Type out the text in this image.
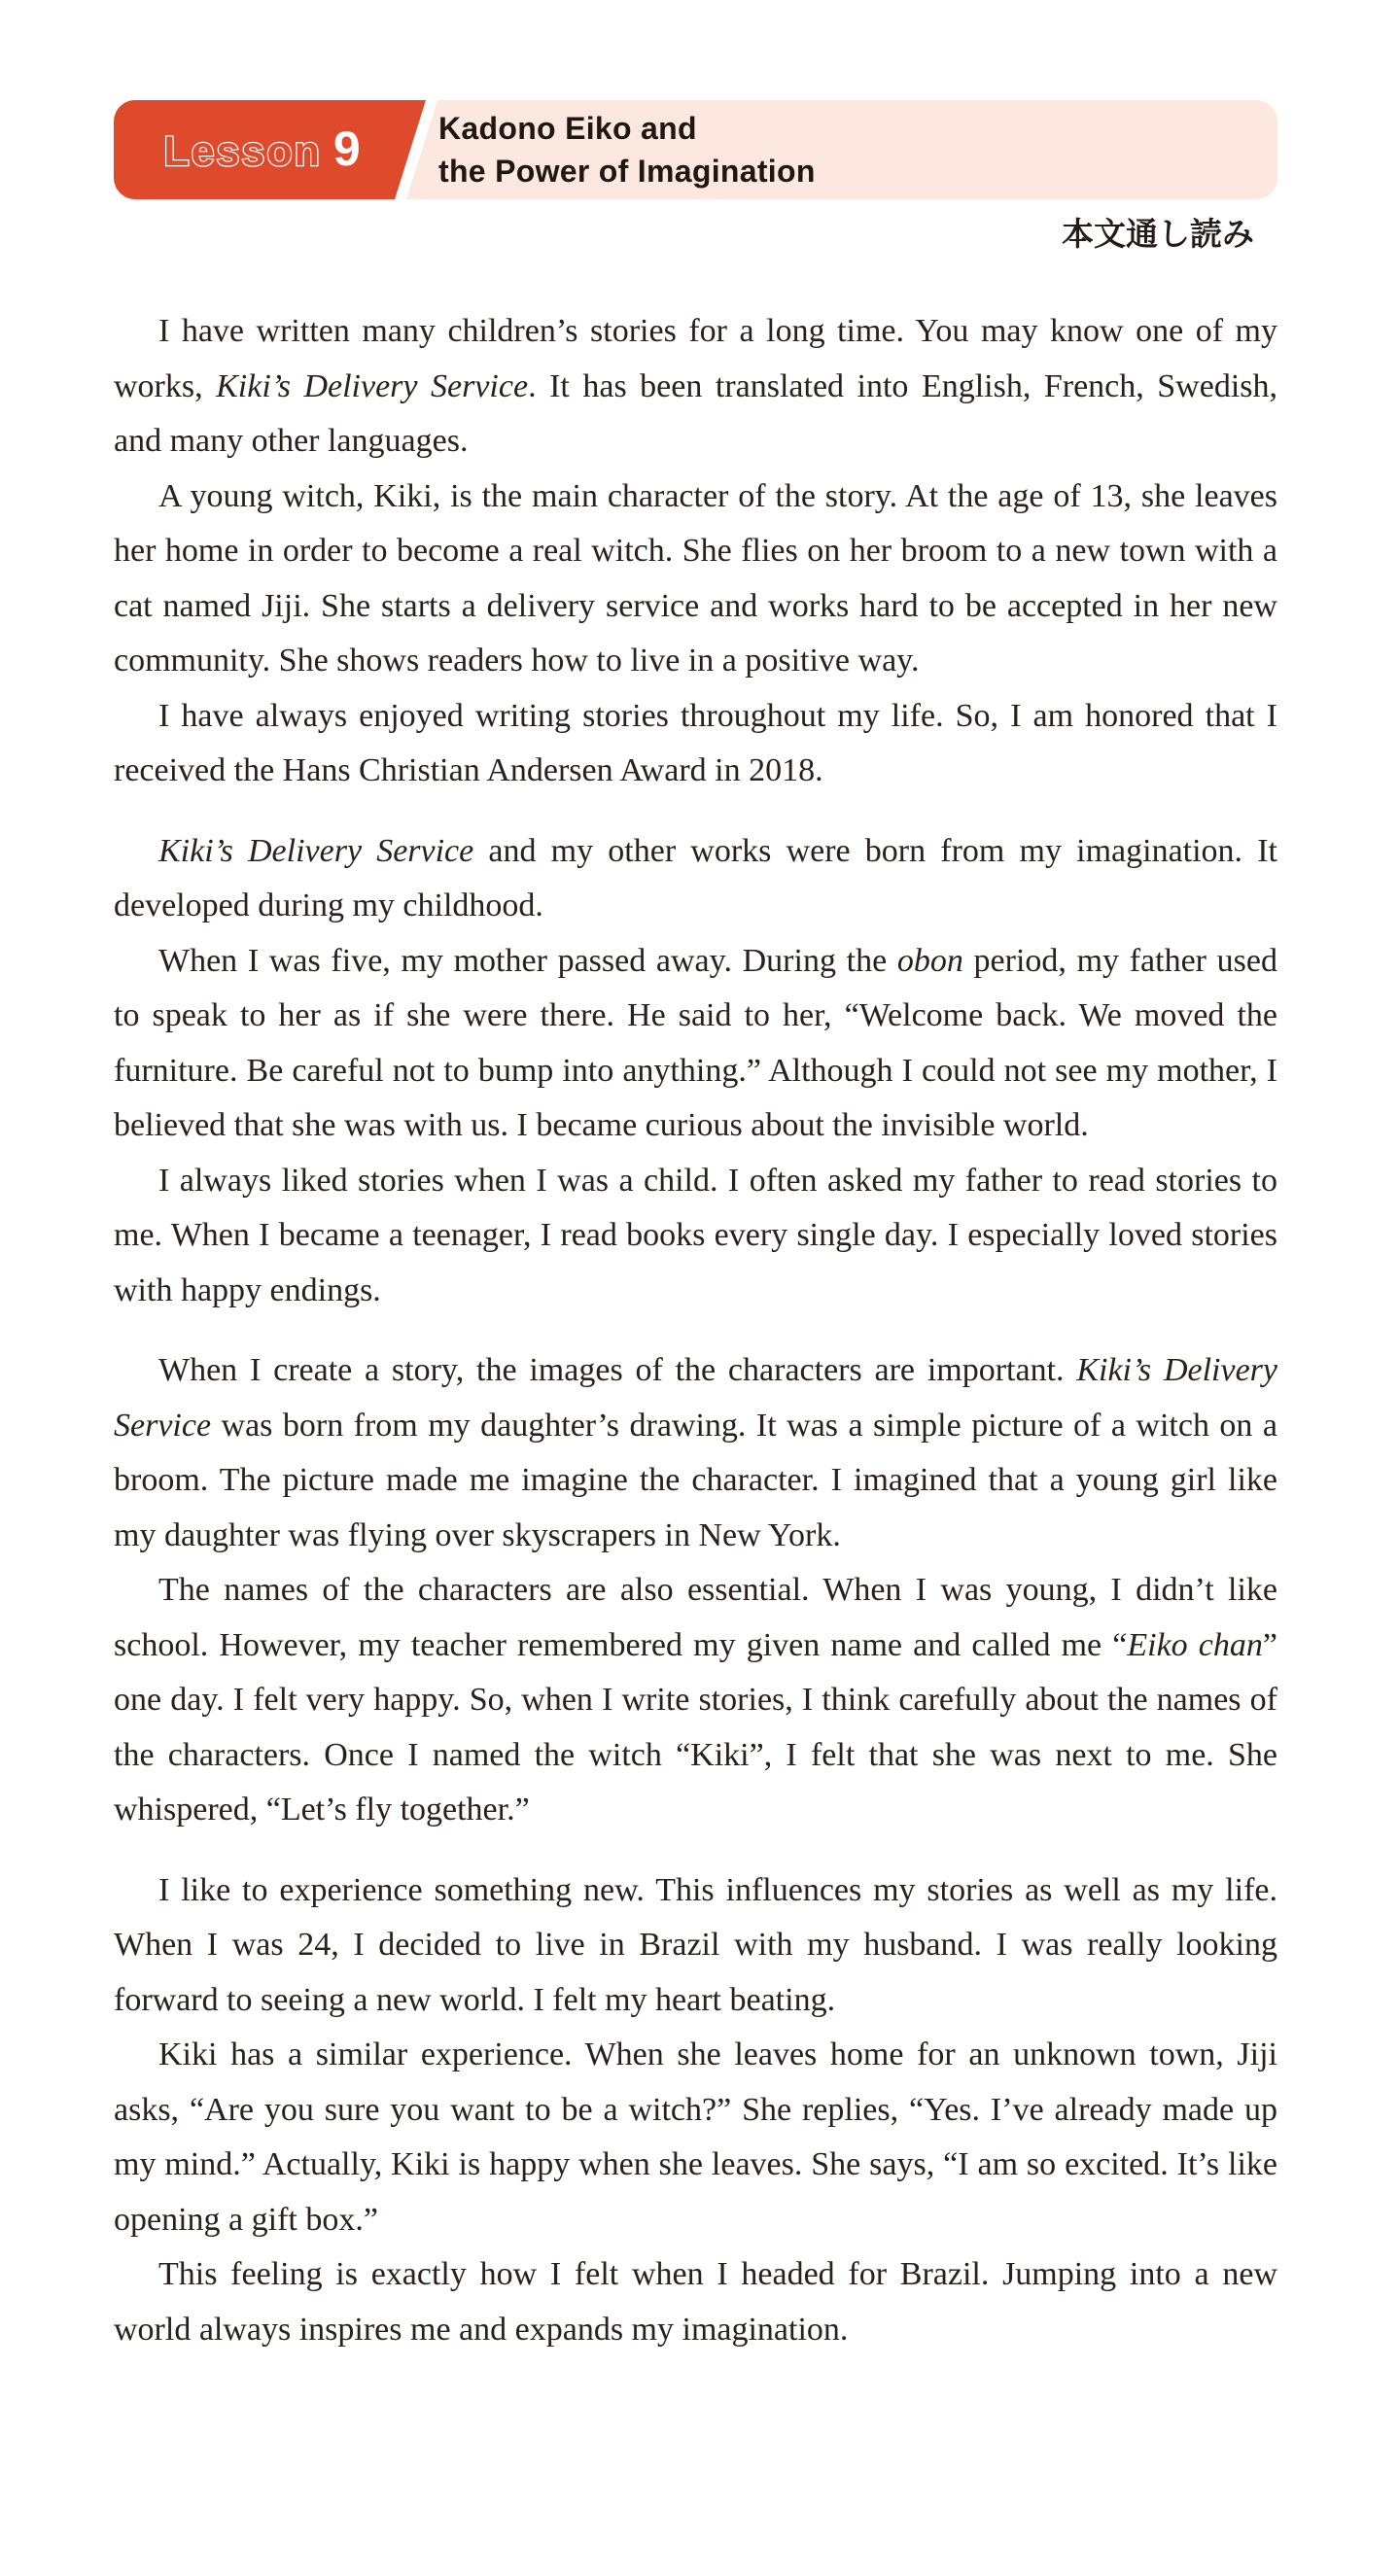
Lesson 9	Kadono Eiko and
the Power of Imagination
本文通し読み

I have written many children’s stories for a long time. You may know one of my works, Kiki’s Delivery Service. It has been translated into English, French, Swedish, and many other languages.

A young witch, Kiki, is the main character of the story. At the age of 13, she leaves her home in order to become a real witch. She flies on her broom to a new town with a cat named Jiji. She starts a delivery service and works hard to be accepted in her new community. She shows readers how to live in a positive way.

I have always enjoyed writing stories throughout my life. So, I am honored that I received the Hans Christian Andersen Award in 2018.

Kiki’s Delivery Service and my other works were born from my imagination. It developed during my childhood.

When I was five, my mother passed away. During the obon period, my father used to speak to her as if she were there. He said to her, “Welcome back. We moved the furniture. Be careful not to bump into anything.” Although I could not see my mother, I believed that she was with us. I became curious about the invisible world.

I always liked stories when I was a child. I often asked my father to read stories to me. When I became a teenager, I read books every single day. I especially loved stories with happy endings.

When I create a story, the images of the characters are important. Kiki’s Delivery Service was born from my daughter’s drawing. It was a simple picture of a witch on a broom. The picture made me imagine the character. I imagined that a young girl like my daughter was flying over skyscrapers in New York.

The names of the characters are also essential. When I was young, I didn’t like school. However, my teacher remembered my given name and called me “Eiko chan” one day. I felt very happy. So, when I write stories, I think carefully about the names of the characters. Once I named the witch “Kiki”, I felt that she was next to me. She whispered, “Let’s fly together.”

I like to experience something new. This influences my stories as well as my life. When I was 24, I decided to live in Brazil with my husband. I was really looking forward to seeing a new world. I felt my heart beating.

Kiki has a similar experience. When she leaves home for an unknown town, Jiji asks, “Are you sure you want to be a witch?” She replies, “Yes. I’ve already made up my mind.” Actually, Kiki is happy when she leaves. She says, “I am so excited. It’s like opening a gift box.”

This feeling is exactly how I felt when I headed for Brazil. Jumping into a new world always inspires me and expands my imagination.
